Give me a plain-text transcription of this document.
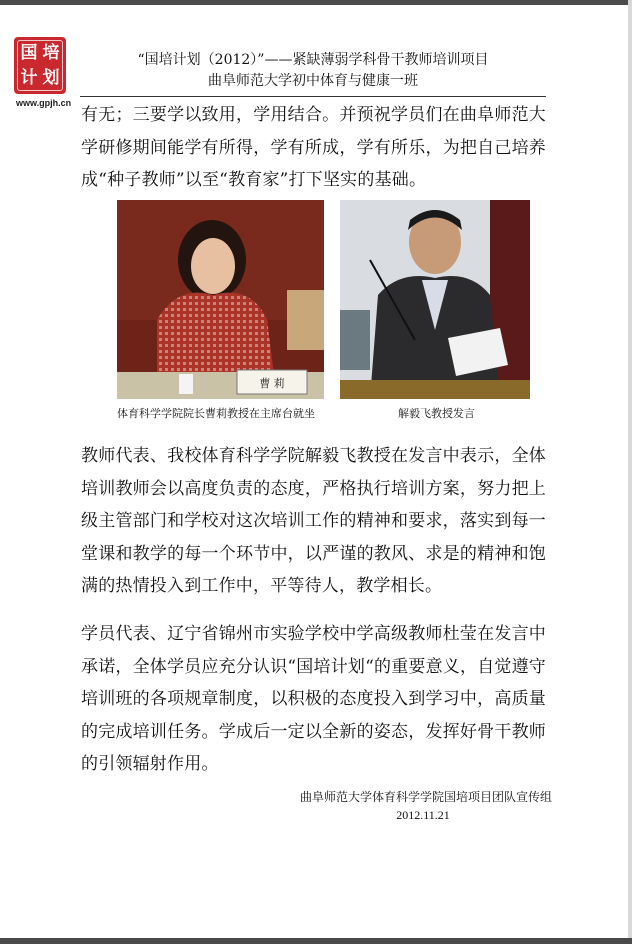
国 培
计 划
www.gpjh.cn
“国培计划（2012）”——紧缺薄弱学科骨干教师培训项目
曲阜师范大学初中体育与健康一班
有无；三要学以致用，学用结合。并预祝学员们在曲阜师范大学研修期间能学有所得，学有所成，学有所乐，为把自己培养成“种子教师”以至“教育家”打下坚实的基础。
曹 莉
体育科学学院院长曹莉教授在主席台就坐	解毅飞教授发言
教师代表、我校体育科学学院解毅飞教授在发言中表示，全体培训教师会以高度负责的态度，严格执行培训方案，努力把上级主管部门和学校对这次培训工作的精神和要求，落实到每一堂课和教学的每一个环节中，以严谨的教风、求是的精神和饱满的热情投入到工作中，平等待人，教学相长。
学员代表、辽宁省锦州市实验学校中学高级教师杜莹在发言中承诺，全体学员应充分认识“国培计划“的重要意义，自觉遵守培训班的各项规章制度，以积极的态度投入到学习中，高质量的完成培训任务。学成后一定以全新的姿态，发挥好骨干教师的引领辐射作用。
曲阜师范大学体育科学学院国培项目团队宣传组
2012.11.21
